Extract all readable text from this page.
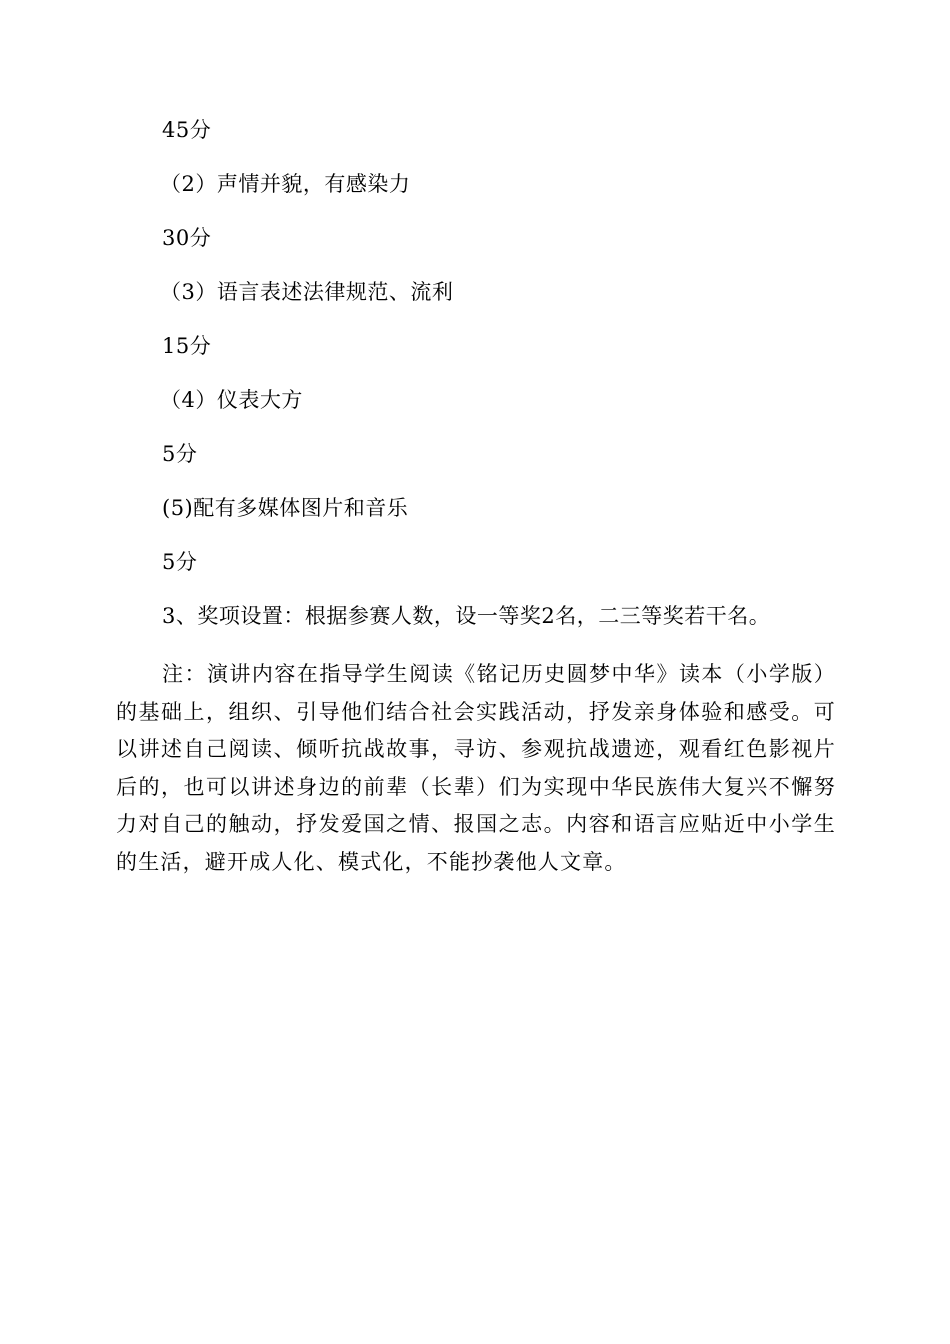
45分
（2）声情并貌，有感染力
30分
（3）语言表述法律规范、流利
15分
（4）仪表大方
5分
(5)配有多媒体图片和音乐
5分
3、奖项设置：根据参赛人数，设一等奖2名，二三等奖若干名。

注：演讲内容在指导学生阅读《铭记历史圆梦中华》读本（小学版）的基础上，组织、引导他们结合社会实践活动，抒发亲身体验和感受。可以讲述自己阅读、倾听抗战故事，寻访、参观抗战遗迹，观看红色影视片后的，也可以讲述身边的前辈（长辈）们为实现中华民族伟大复兴不懈努力对自己的触动，抒发爱国之情、报国之志。内容和语言应贴近中小学生的生活，避开成人化、模式化，不能抄袭他人文章。
